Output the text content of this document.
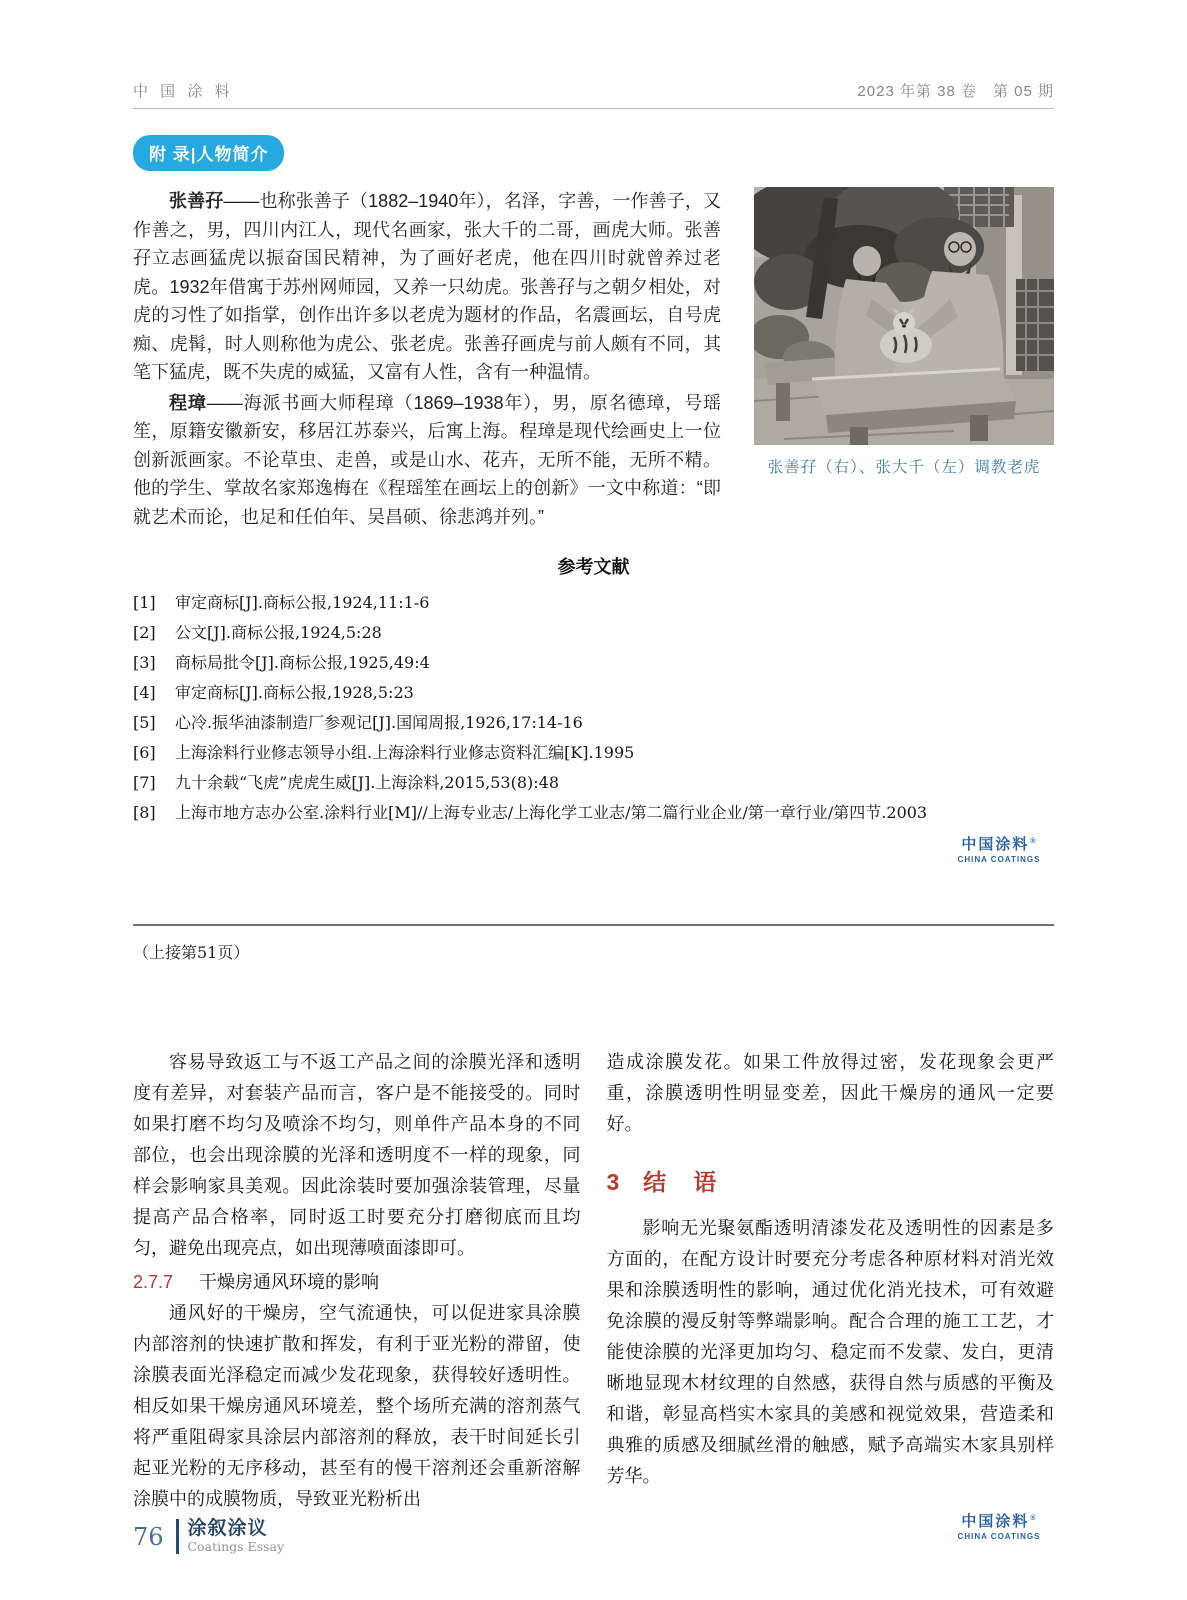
中 国 涂 料	2023 年第 38 卷　第 05 期
附 录|人物简介

张善孖——也称张善子（1882–1940年），名泽，字善，一作善子，又作善之，男，四川内江人，现代名画家，张大千的二哥，画虎大师。张善孖立志画猛虎以振奋国民精神，为了画好老虎，他在四川时就曾养过老虎。1932年借寓于苏州网师园，又养一只幼虎。张善孖与之朝夕相处，对虎的习性了如指掌，创作出许多以老虎为题材的作品，名震画坛，自号虎痴、虎髯，时人则称他为虎公、张老虎。张善孖画虎与前人颇有不同，其笔下猛虎，既不失虎的威猛，又富有人性，含有一种温情。

程璋——海派书画大师程璋（1869–1938年），男，原名德璋，号瑶笙，原籍安徽新安，移居江苏泰兴，后寓上海。程璋是现代绘画史上一位创新派画家。不论草虫、走兽，或是山水、花卉，无所不能，无所不精。他的学生、掌故名家郑逸梅在《程瑶笙在画坛上的创新》一文中称道：“即就艺术而论，也足和任伯年、吴昌硕、徐悲鸿并列。”

张善孖（右）、张大千（左）调教老虎
参考文献
[1] 审定商标[J].商标公报,1924,11:1-6
[2] 公文[J].商标公报,1924,5:28
[3] 商标局批令[J].商标公报,1925,49:4
[4] 审定商标[J].商标公报,1928,5:23
[5] 心冷.振华油漆制造厂参观记[J].国闻周报,1926,17:14-16
[6] 上海涂料行业修志领导小组.上海涂料行业修志资料汇编[K].1995
[7] 九十余载“飞虎”虎虎生威[J].上海涂料,2015,53(8):48
[8] 上海市地方志办公室.涂料行业[M]//上海专业志/上海化学工业志/第二篇行业企业/第一章行业/第四节.2003
中国涂料 ®
CHINA COATINGS

（上接第51页）

容易导致返工与不返工产品之间的涂膜光泽和透明度有差异，对套装产品而言，客户是不能接受的。同时如果打磨不均匀及喷涂不均匀，则单件产品本身的不同部位，也会出现涂膜的光泽和透明度不一样的现象，同样会影响家具美观。因此涂装时要加强涂装管理，尽量提高产品合格率，同时返工时要充分打磨彻底而且均匀，避免出现亮点，如出现薄喷面漆即可。

2.7.7 干燥房通风环境的影响

通风好的干燥房，空气流通快，可以促进家具涂膜内部溶剂的快速扩散和挥发，有利于亚光粉的滞留，使涂膜表面光泽稳定而减少发花现象，获得较好透明性。相反如果干燥房通风环境差，整个场所充满的溶剂蒸气将严重阻碍家具涂层内部溶剂的释放，表干时间延长引起亚光粉的无序移动，甚至有的慢干溶剂还会重新溶解涂膜中的成膜物质，导致亚光粉析出

造成涂膜发花。如果工件放得过密，发花现象会更严重，涂膜透明性明显变差，因此干燥房的通风一定要好。

3 结　语

影响无光聚氨酯透明清漆发花及透明性的因素是多方面的，在配方设计时要充分考虑各种原材料对消光效果和涂膜透明性的影响，通过优化消光技术，可有效避免涂膜的漫反射等弊端影响。配合合理的施工工艺，才能使涂膜的光泽更加均匀、稳定而不发蒙、发白，更清晰地显现木材纹理的自然感，获得自然与质感的平衡及和谐，彰显高档实木家具的美感和视觉效果，营造柔和典雅的质感及细腻丝滑的触感，赋予高端实木家具别样芳华。

中国涂料 ®
CHINA COATINGS
76 涂叙涂议
Coatings Essay
